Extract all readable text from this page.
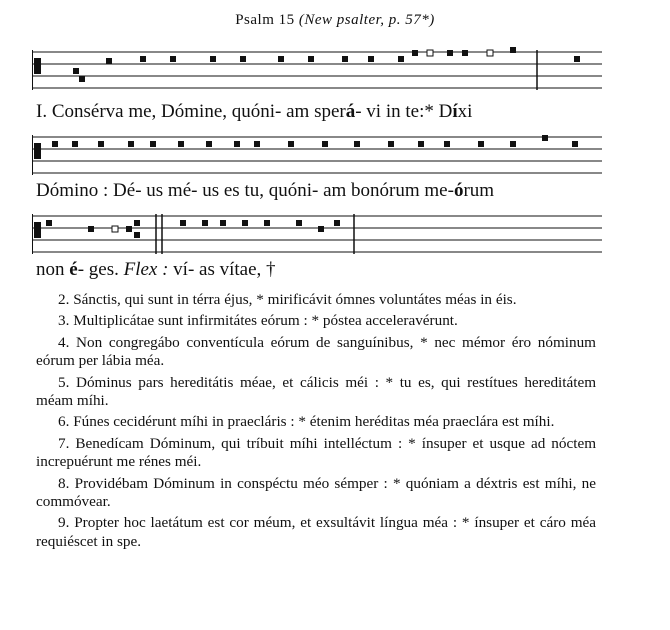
Psalm 15 (New psalter, p. 57*)
I. Consérva me, Dómine, quóni- am sperá- vi in te:* Díxi
Dómino : Dé- us mé- us es tu, quóni- am bonórum me-órum
non é- ges. Flex : ví- as vítae, †
2. Sánctis, qui sunt in térra éjus, * mirificávit ómnes voluntátes méas in éis.
3. Multiplicátae sunt infirmitátes eórum : * póstea acceleravérunt.
4. Non congregábo conventícula eórum de sanguínibus, * nec mémor éro nóminum eórum per lábia méa.
5. Dóminus pars hereditátis méae, et cálicis méi : * tu es, qui restítues hereditátem méam míhi.
6. Fúnes cecidérunt míhi in praecláris : * étenim heréditas méa praeclára est míhi.
7. Benedícam Dóminum, qui tríbuit míhi intelléctum : * ínsuper et usque ad nóctem increpuérunt me rénes méi.
8. Providébam Dóminum in conspéctu méo sémper : * quóniam a déxtris est míhi, ne commóvear.
9. Propter hoc laetátum est cor méum, et exsultávit língua méa : * ínsuper et cáro méa requiéscet in spe.
